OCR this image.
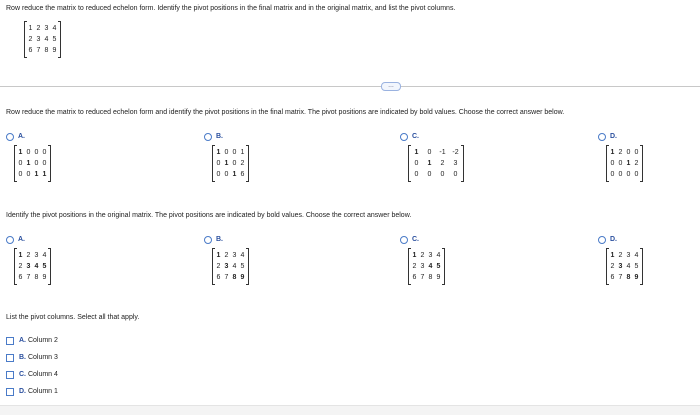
Row reduce the matrix to reduced echelon form. Identify the pivot positions in the final matrix and in the original matrix, and list the pivot columns.
1 2 3 4
2 3 4 5
6 7 8 9
…
Row reduce the matrix to reduced echelon form and identify the pivot positions in the final matrix. The pivot positions are indicated by bold values. Choose the correct answer below.
A.
1 0 0 0
0 1 0 0
0 0 1 1
B.
1 0 0 1
0 1 0 2
0 0 1 6
C.
1	0	-1 -2
0	1	2	3
0	0	0	0
D.
1 2 0 0
0 0 1 2
0 0 0 0
Identify the pivot positions in the original matrix. The pivot positions are indicated by bold values. Choose the correct answer below.
A.
1 2 3 4
2 3 4 5
6 7 8 9
B.
1 2 3 4
2 3 4 5
6 7 8 9
C.
1 2 3 4
2 3 4 5
6 7 8 9
D.
1 2 3 4
2 3 4 5
6 7 8 9
List the pivot columns. Select all that apply.
A. Column 2
B. Column 3
C. Column 4
D. Column 1
